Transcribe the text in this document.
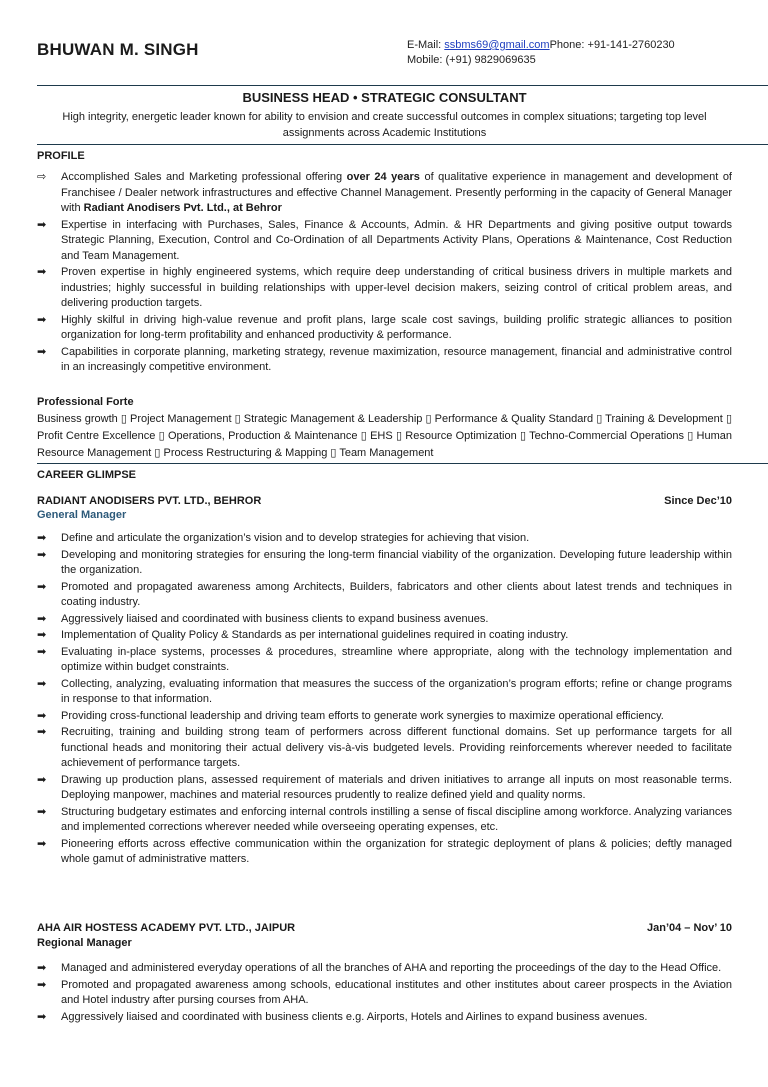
BHUWAN M. SINGH	E-Mail: ssbms69@gmail.comPhone: +91-141-2760230
Mobile: (+91) 9829069635
BUSINESS HEAD • STRATEGIC CONSULTANT
High integrity, energetic leader known for ability to envision and create successful outcomes in complex situations; targeting top level assignments across Academic Institutions
PROFILE
⇨ Accomplished Sales and Marketing professional offering over 24 years of qualitative experience in management and development of Franchisee / Dealer network infrastructures and effective Channel Management. Presently performing in the capacity of General Manager with Radiant Anodisers Pvt. Ltd., at Behror
➡ Expertise in interfacing with Purchases, Sales, Finance & Accounts, Admin. & HR Departments and giving positive output towards Strategic Planning, Execution, Control and Co-Ordination of all Departments Activity Plans, Operations & Maintenance, Cost Reduction and Team Management.
➡ Proven expertise in highly engineered systems, which require deep understanding of critical business drivers in multiple markets and industries; highly successful in building relationships with upper-level decision makers, seizing control of critical problem areas, and delivering production targets.
➡ Highly skilful in driving high-value revenue and profit plans, large scale cost savings, building prolific strategic alliances to position organization for long-term profitability and enhanced productivity & performance.
➡ Capabilities in corporate planning, marketing strategy, revenue maximization, resource management, financial and administrative control in an increasingly competitive environment.
Professional Forte
Business growth ▯ Project Management ▯ Strategic Management & Leadership ▯ Performance & Quality Standard ▯ Training & Development ▯ Profit Centre Excellence ▯ Operations, Production & Maintenance ▯ EHS ▯ Resource Optimization ▯ Techno-Commercial Operations ▯ Human Resource Management ▯ Process Restructuring & Mapping ▯ Team Management
CAREER GLIMPSE
RADIANT ANODISERS PVT. LTD., BEHROR	Since Dec’10
General Manager
➡ Define and articulate the organization’s vision and to develop strategies for achieving that vision.
➡ Developing and monitoring strategies for ensuring the long-term financial viability of the organization. Developing future leadership within the organization.
➡ Promoted and propagated awareness among Architects, Builders, fabricators and other clients about latest trends and techniques in coating industry.
➡ Aggressively liaised and coordinated with business clients to expand business avenues.
➡ Implementation of Quality Policy & Standards as per international guidelines required in coating industry.
➡ Evaluating in-place systems, processes & procedures, streamline where appropriate, along with the technology implementation and optimize within budget constraints.
➡ Collecting, analyzing, evaluating information that measures the success of the organization’s program efforts; refine or change programs in response to that information.
➡ Providing cross-functional leadership and driving team efforts to generate work synergies to maximize operational efficiency.
➡ Recruiting, training and building strong team of performers across different functional domains. Set up performance targets for all functional heads and monitoring their actual delivery vis-à-vis budgeted levels. Providing reinforcements wherever needed to facilitate achievement of performance targets.
➡ Drawing up production plans, assessed requirement of materials and driven initiatives to arrange all inputs on most reasonable terms. Deploying manpower, machines and material resources prudently to realize defined yield and quality norms.
➡ Structuring budgetary estimates and enforcing internal controls instilling a sense of fiscal discipline among workforce. Analyzing variances and implemented corrections wherever needed while overseeing operating expenses, etc.
➡ Pioneering efforts across effective communication within the organization for strategic deployment of plans & policies; deftly managed whole gamut of administrative matters.
AHA AIR HOSTESS ACADEMY PVT. LTD., JAIPUR	Jan’04 – Nov’ 10
Regional Manager
➡ Managed and administered everyday operations of all the branches of AHA and reporting the proceedings of the day to the Head Office.
➡ Promoted and propagated awareness among schools, educational institutes and other institutes about career prospects in the Aviation and Hotel industry after pursing courses from AHA.
➡ Aggressively liaised and coordinated with business clients e.g. Airports, Hotels and Airlines to expand business avenues.
